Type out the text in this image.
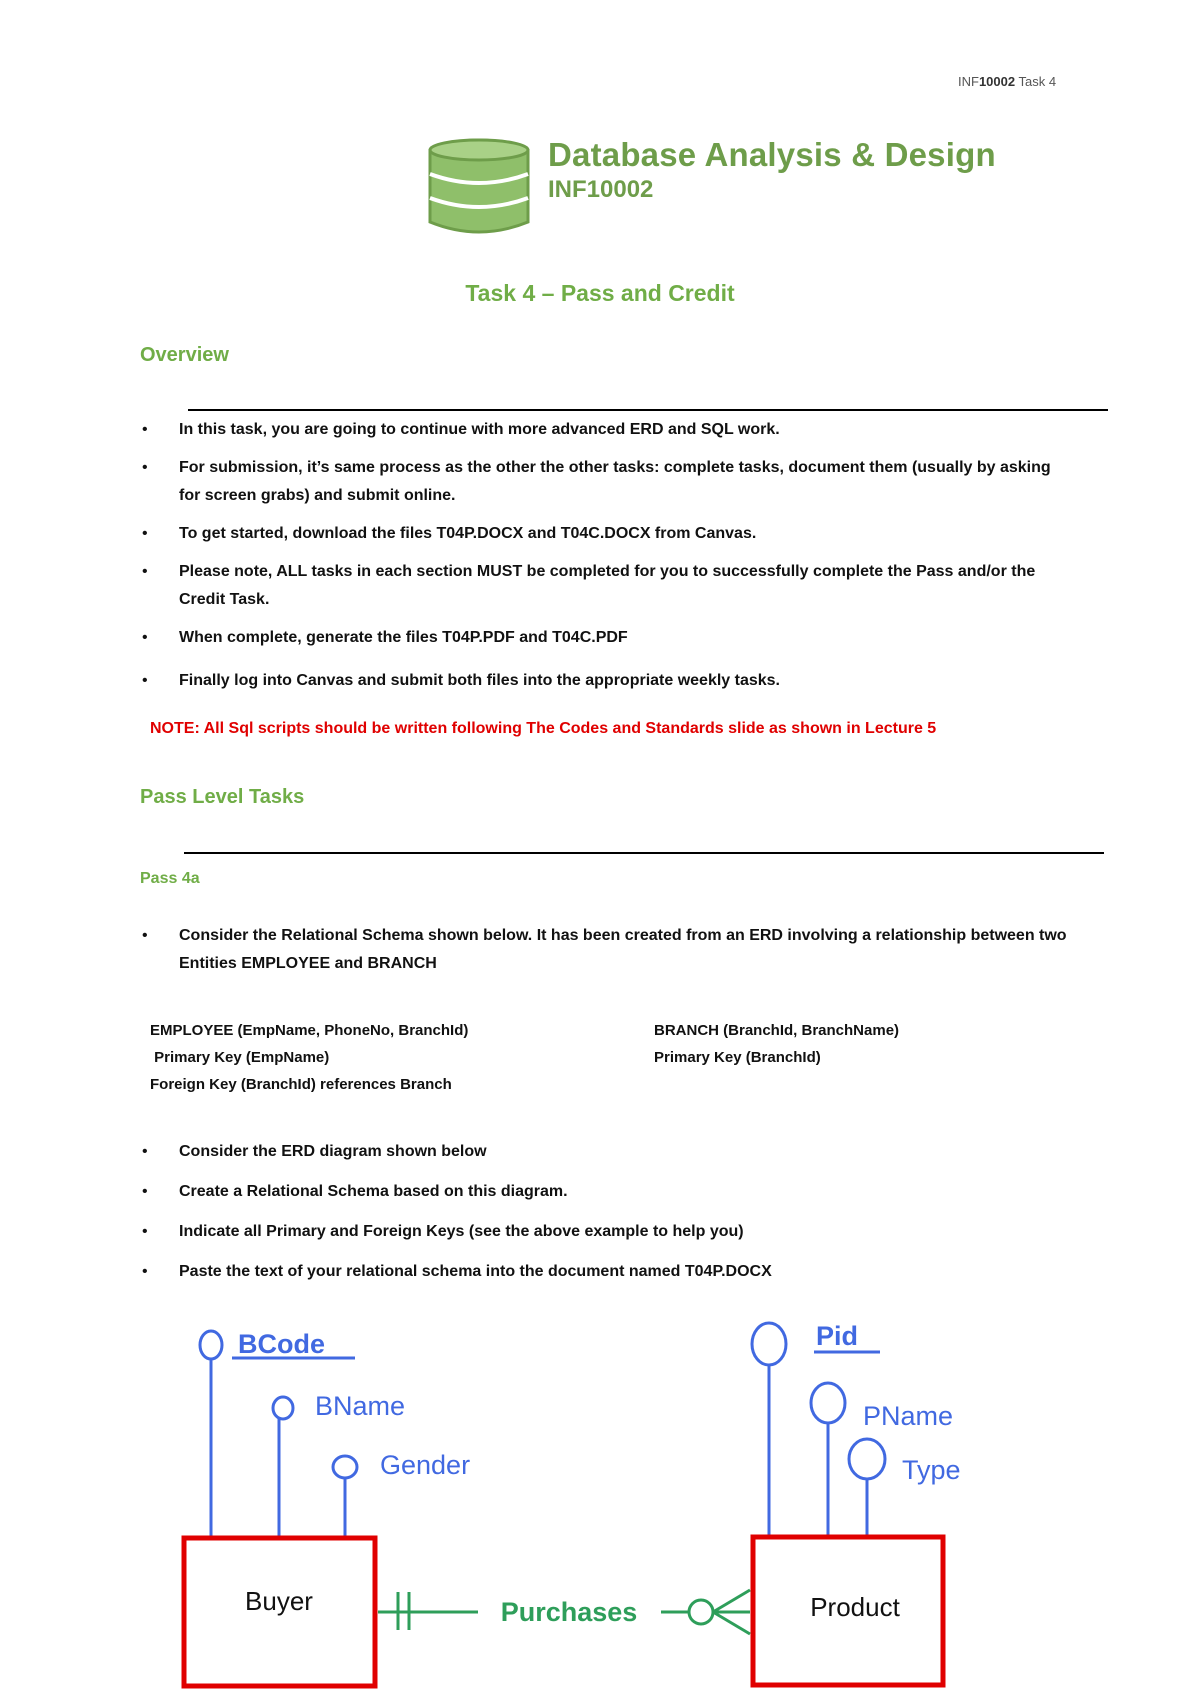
INF10002 Task 4
Database Analysis & Design
INF10002
Task 4 – Pass and Credit
Overview
• In this task, you are going to continue with more advanced ERD and SQL work.
• For submission, it’s same process as the other the other tasks: complete tasks, document them (usually by asking for screen grabs) and submit online.
• To get started, download the files T04P.DOCX and T04C.DOCX from Canvas.
• Please note, ALL tasks in each section MUST be completed for you to successfully complete the Pass and/or the Credit Task.
• When complete, generate the files T04P.PDF and T04C.PDF
• Finally log into Canvas and submit both files into the appropriate weekly tasks.
NOTE: All Sql scripts should be written following The Codes and Standards slide as shown in Lecture 5
Pass Level Tasks
Pass 4a
• Consider the Relational Schema shown below. It has been created from an ERD involving a relationship between two Entities EMPLOYEE and BRANCH
EMPLOYEE (EmpName, PhoneNo, BranchId)
Primary Key (EmpName)
Foreign Key (BranchId) references Branch
BRANCH (BranchId, BranchName)
Primary Key (BranchId)
• Consider the ERD diagram shown below
• Create a Relational Schema based on this diagram.
• Indicate all Primary and Foreign Keys (see the above example to help you)
• Paste the text of your relational schema into the document named T04P.DOCX
BCode
BName
Gender
Pid
PName
Type
Buyer	Product
Purchases
